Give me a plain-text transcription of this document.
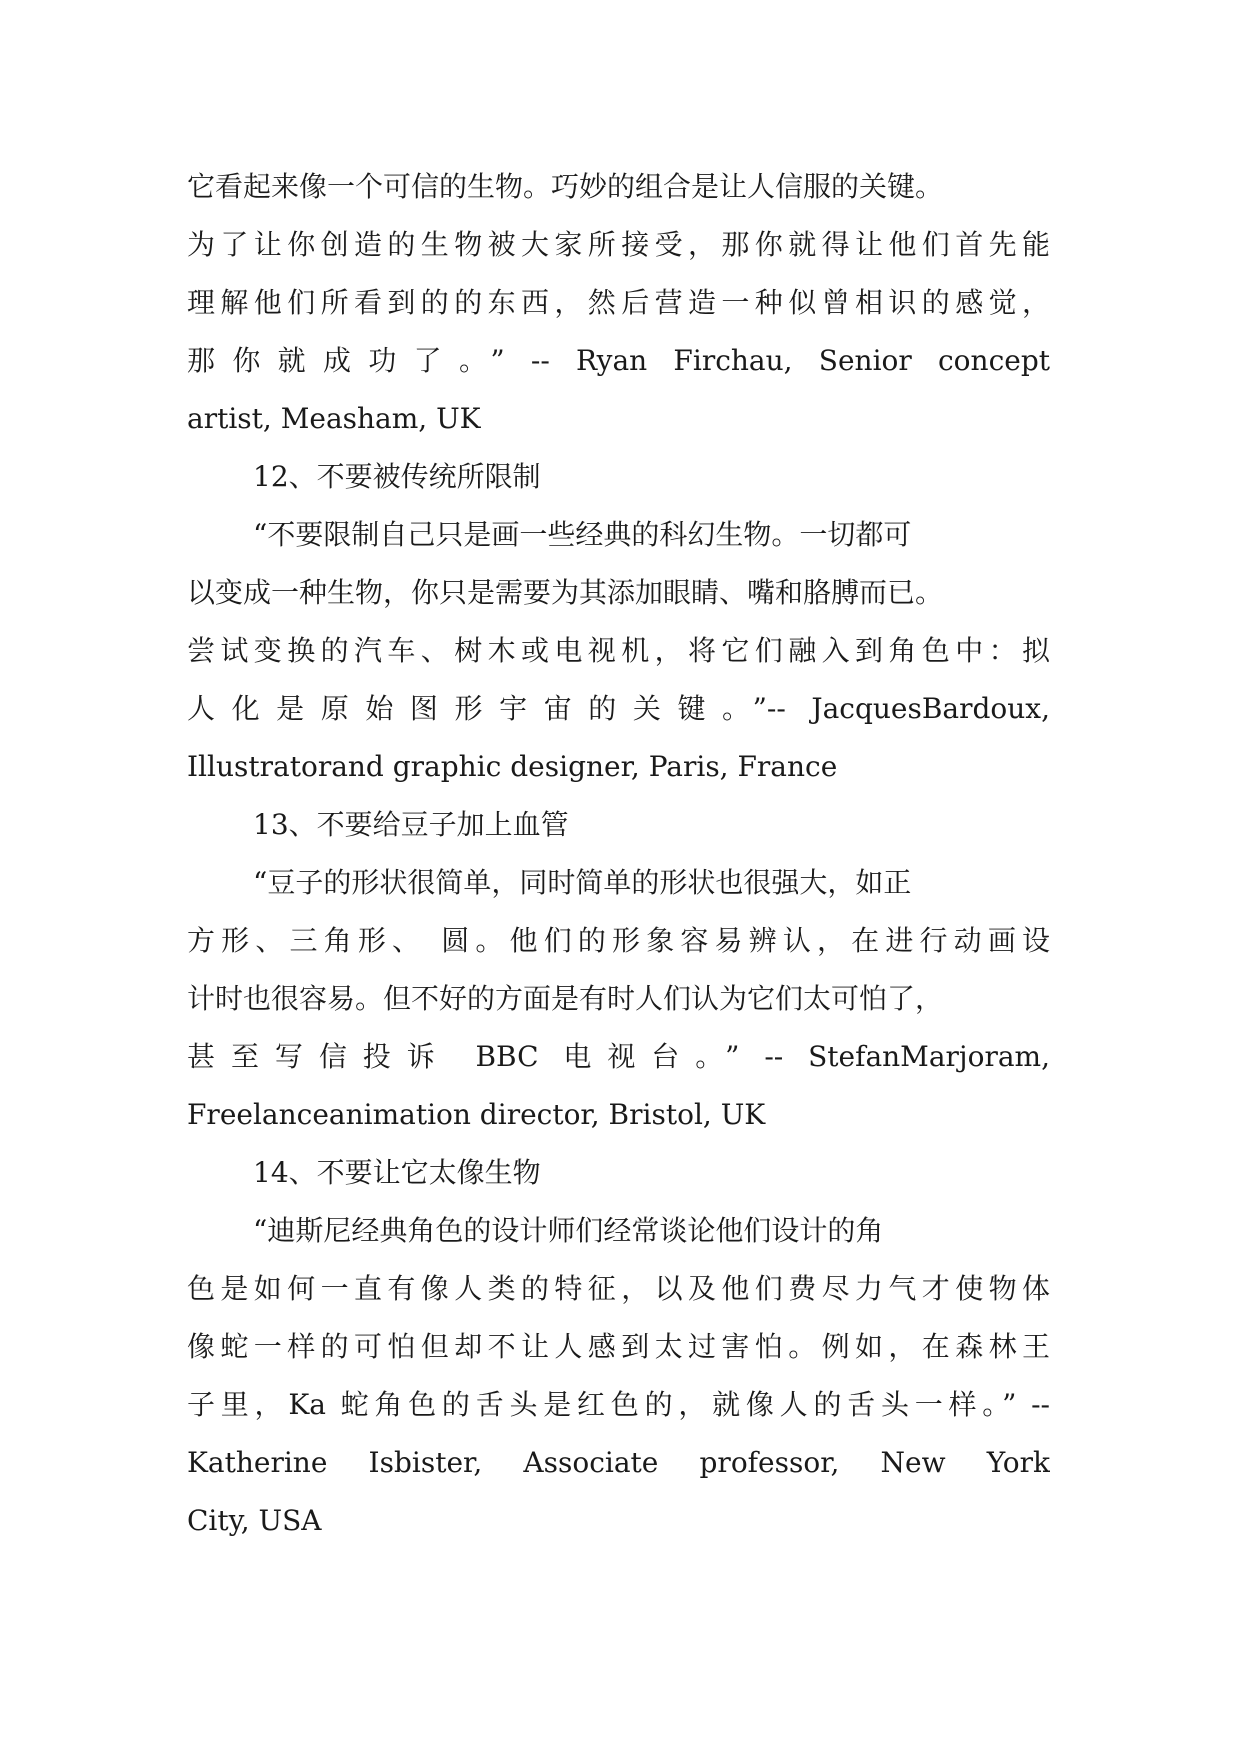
它看起来像一个可信的生物。巧妙的组合是让人信服的关键。
为了让你创造的生物被大家所接受，那你就得让他们首先能
理解他们所看到的的东西，然后营造一种似曾相识的感觉，
那你就成功了。” -- Ryan Firchau, Senior concept
artist, Measham, UK
12、不要被传统所限制
“不要限制自己只是画一些经典的科幻生物。一切都可
以变成一种生物，你只是需要为其添加眼睛、嘴和胳膊而已。
尝试变换的汽车、树木或电视机，将它们融入到角色中：拟
人化是原始图形宇宙的关键。”-- JacquesBardoux,
Illustratorand graphic designer, Paris, France
13、不要给豆子加上血管
“豆子的形状很简单，同时简单的形状也很强大，如正
方形、三角形、 圆。他们的形象容易辨认，在进行动画设
计时也很容易。但不好的方面是有时人们认为它们太可怕了，
甚至写信投诉 BBC 电视台。” -- StefanMarjoram,
Freelanceanimation director, Bristol, UK
14、不要让它太像生物
“迪斯尼经典角色的设计师们经常谈论他们设计的角
色是如何一直有像人类的特征，以及他们费尽力气才使物体
像蛇一样的可怕但却不让人感到太过害怕。例如，在森林王
子里，Ka 蛇角色的舌头是红色的，就像人的舌头一样。” --
Katherine Isbister, Associate professor, New York
City, USA
